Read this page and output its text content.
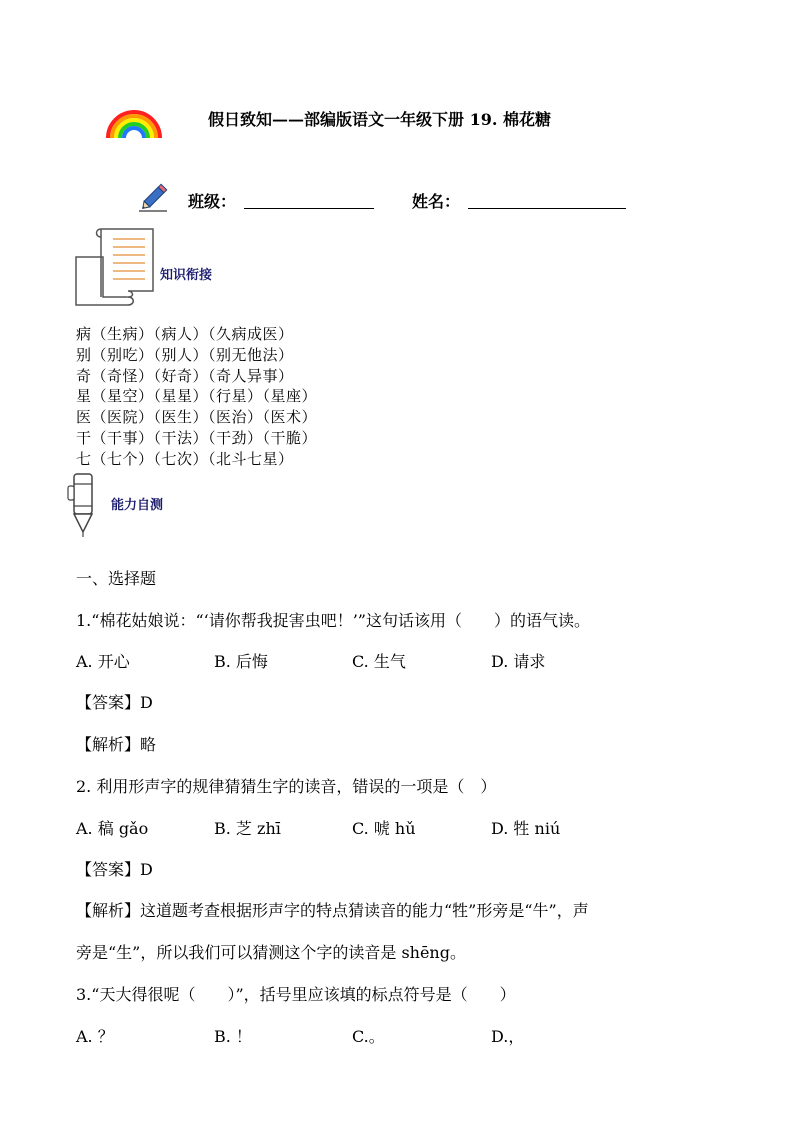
假日致知——部编版语文一年级下册 19. 棉花糖
班级：	姓名：
知识衔接
病（生病）（病人）（久病成医）
别（别吃）（别人）（别无他法）
奇（奇怪）（好奇）（奇人异事）
星（星空）（星星）（行星）（星座）
医（医院）（医生）（医治）（医术）
干（干事）（干法）（干劲）（干脆）
七（七个）（七次）（北斗七星）
能力自测
一、选择题
1.“棉花姑娘说：“‘请你帮我捉害虫吧！’”这句话该用（　　）的语气读。
A. 开心	B. 后悔	C. 生气	D. 请求
【答案】D
【解析】略
2. 利用形声字的规律猜猜生字的读音，错误的一项是（　）
A. 稿 gǎo	B. 芝 zhī	C. 唬 hǔ	D. 牲 niú
【答案】D
【解析】这道题考查根据形声字的特点猜读音的能力“牲”形旁是“牛”，声
旁是“生”，所以我们可以猜测这个字的读音是 shēng。
3.“天大得很呢（　　）”，括号里应该填的标点符号是（　　）
A. ？	B. ！	C.。	D.，
